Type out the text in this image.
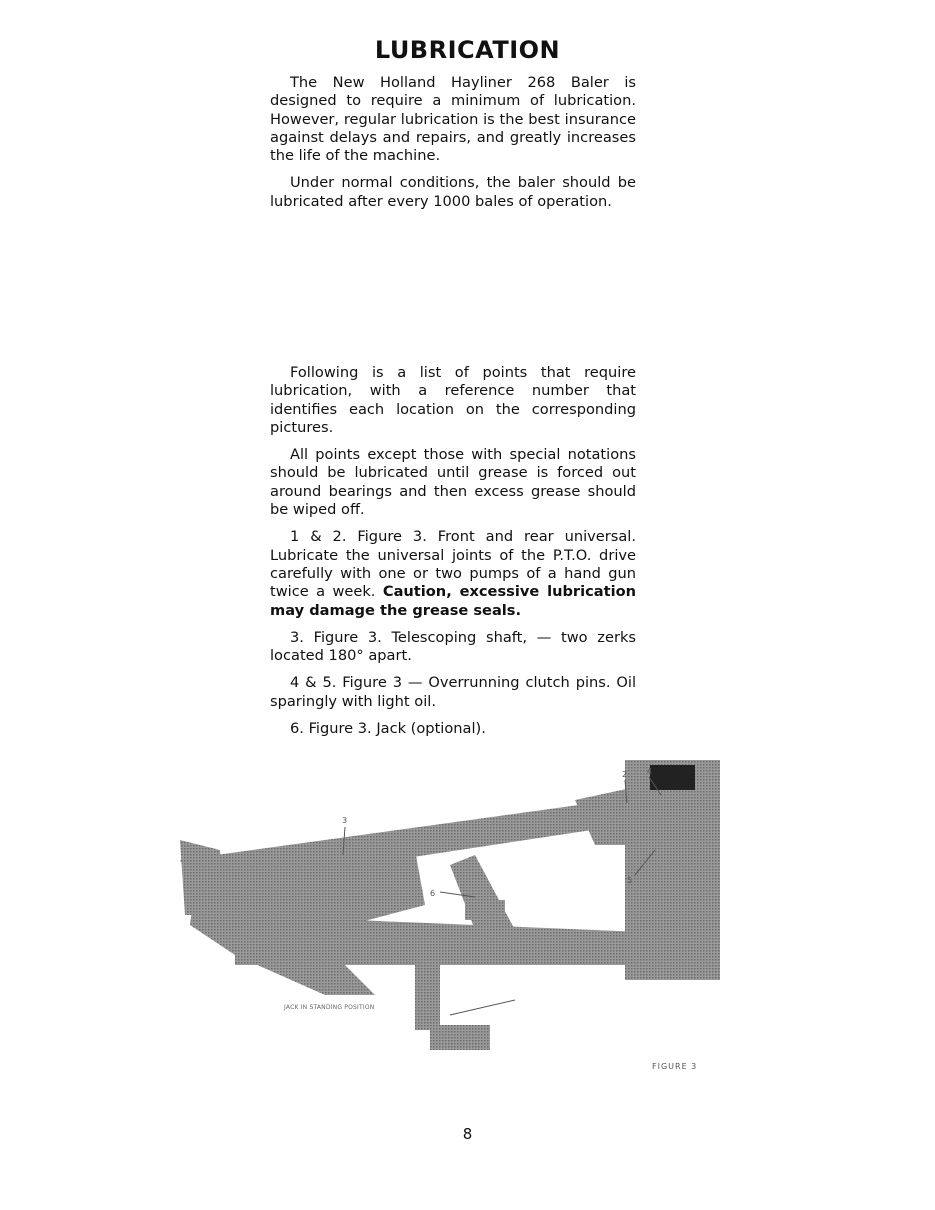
LUBRICATION

The New Holland Hayliner 268 Baler is designed to require a minimum of lubrication. However, regular lubrication is the best insurance against delays and repairs, and greatly increases the life of the machine.

Under normal conditions, the baler should be lubricated after every 1000 bales of operation.

Following is a list of points that require lubrication, with a reference number that identifies each location on the corresponding pictures.

All points except those with special notations should be lubricated until grease is forced out around bearings and then excess grease should be wiped off.

1 & 2. Figure 3. Front and rear universal. Lubricate the universal joints of the P.T.O. drive carefully with one or two pumps of a hand gun twice a week. Caution, excessive lubrication may damage the grease seals.

3. Figure 3. Telescoping shaft, — two zerks located 180° apart.

4 & 5. Figure 3 — Overrunning clutch pins. Oil sparingly with light oil.

6. Figure 3. Jack (optional).

3
2 4
5
6
JACK IN STANDING POSITION
FIGURE 3
8
